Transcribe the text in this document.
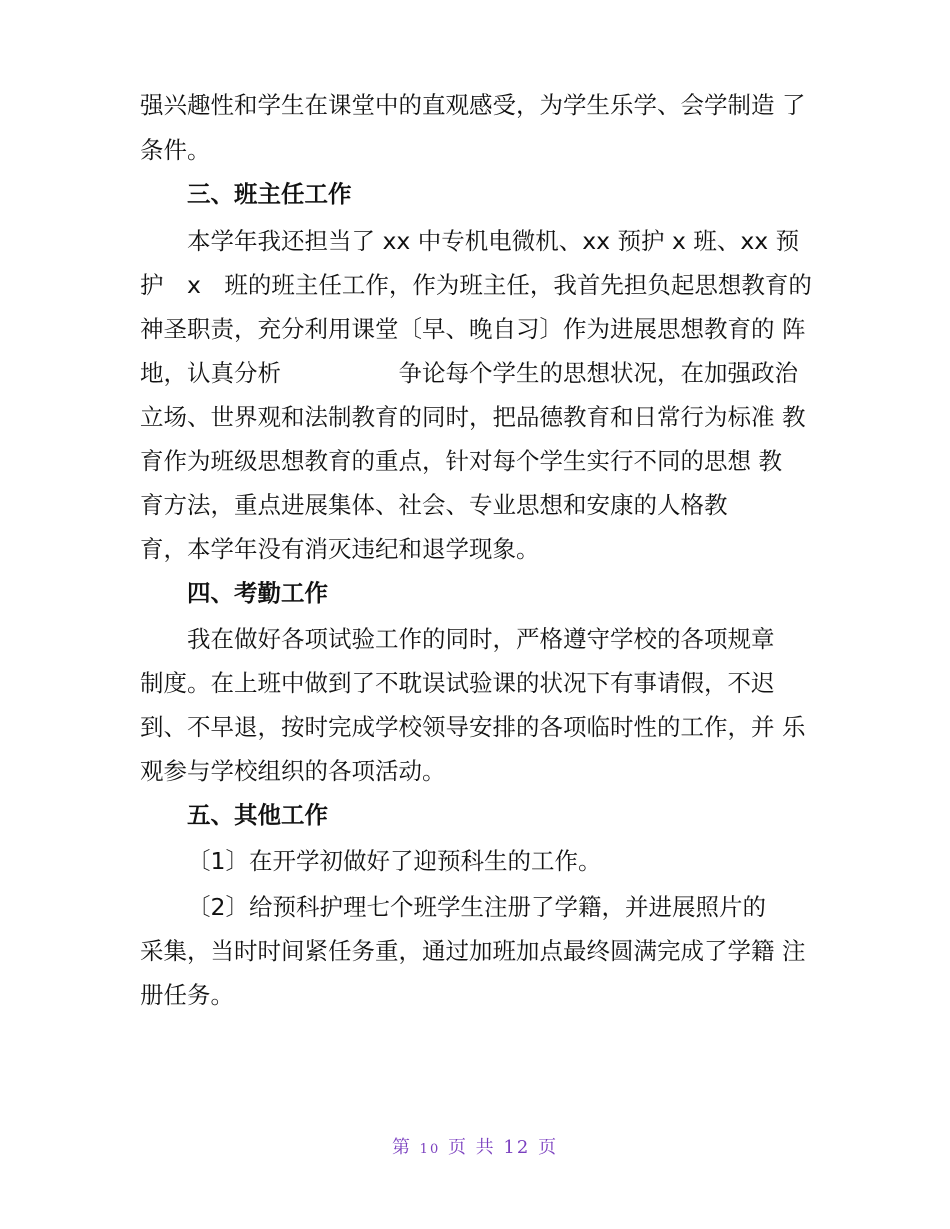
强兴趣性和学生在课堂中的直观感受，为学生乐学、会学制造 了
条件。
三、班主任工作
本学年我还担当了 xx 中专机电微机、xx 预护 x 班、xx 预
护　x　班的班主任工作，作为班主任，我首先担负起思想教育的
神圣职责，充分利用课堂〔早、晚自习〕作为进展思想教育的 阵
地，认真分析　　　　　争论每个学生的思想状况，在加强政治
立场、世界观和法制教育的同时，把品德教育和日常行为标准 教
育作为班级思想教育的重点，针对每个学生实行不同的思想 教
育方法，重点进展集体、社会、专业思想和安康的人格教
育，本学年没有消灭违纪和退学现象。
四、考勤工作
我在做好各项试验工作的同时，严格遵守学校的各项规章
制度。在上班中做到了不耽误试验课的状况下有事请假，不迟
到、不早退，按时完成学校领导安排的各项临时性的工作，并 乐
观参与学校组织的各项活动。
五、其他工作
〔1〕在开学初做好了迎预科生的工作。
〔2〕给预科护理七个班学生注册了学籍，并进展照片的
采集，当时时间紧任务重，通过加班加点最终圆满完成了学籍 注
册任务。
第 10 页 共 12 页
